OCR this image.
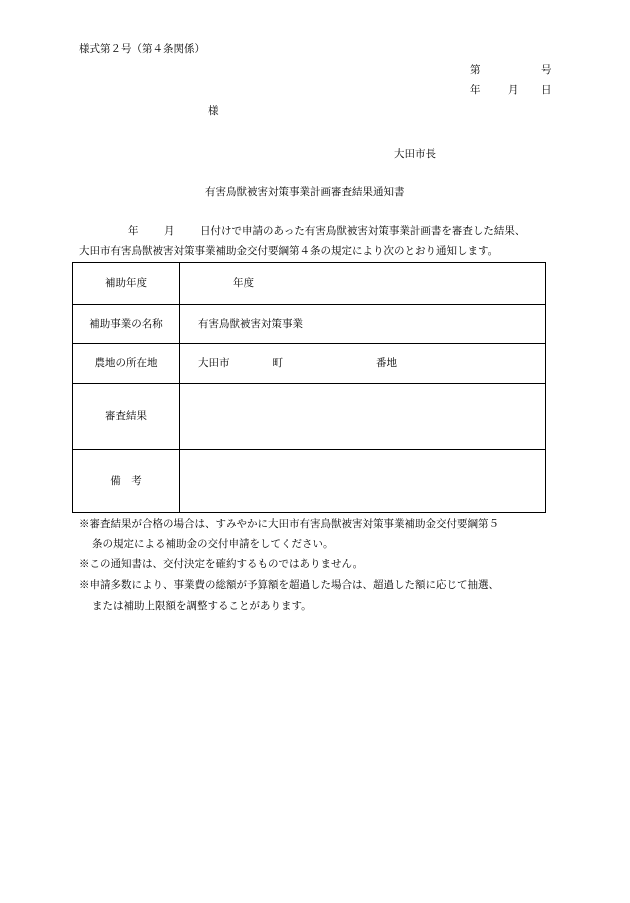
様式第２号（第４条関係）
第	号
年	月 日
様
大田市長
有害鳥獣被害対策事業計画審査結果通知書
年 月 日付けで申請のあった有害鳥獣被害対策事業計画書を審査した結果、
大田市有害鳥獣被害対策事業補助金交付要綱第４条の規定により次のとおり通知します。
補助年度	年度
補助事業の名称	有害鳥獣被害対策事業
農地の所在地	大田市 町 番地
審査結果	
備　考	
※審査結果が合格の場合は、すみやかに大田市有害鳥獣被害対策事業補助金交付要綱第５
条の規定による補助金の交付申請をしてください。
※この通知書は、交付決定を確約するものではありません。
※申請多数により、事業費の総額が予算額を超過した場合は、超過した額に応じて抽選、
または補助上限額を調整することがあります。
